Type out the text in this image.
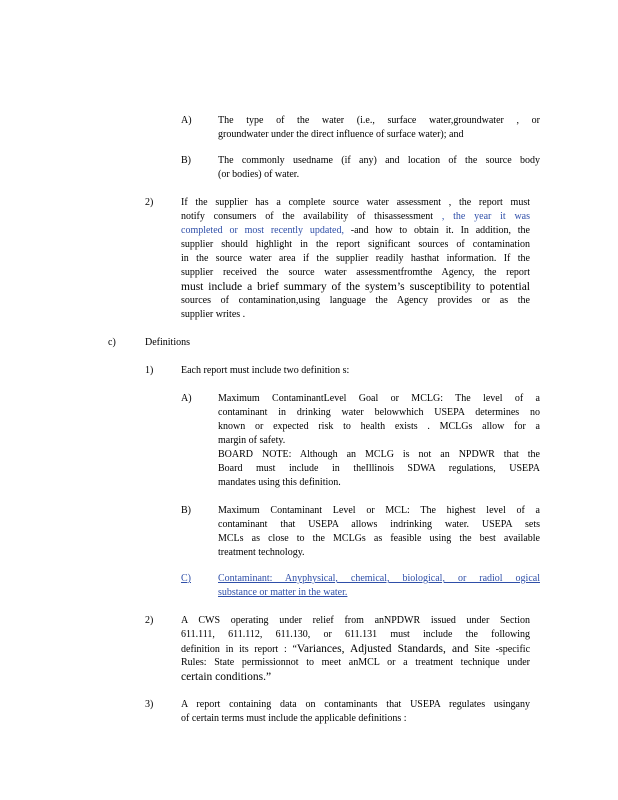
A)	The type of the water (i.e., surface water,groundwater , or
groundwater under the direct influence of surface water); and
B)	The commonly usedname (if any) and location of the source body
(or bodies) of water.
2)	If the supplier has a complete source water assessment , the report must
notify consumers of the availability of thisassessment , the year it was
completed or most recently updated, -and how to obtain it. In addition, the
supplier should highlight in the report significant sources of contamination
in the source water area if the supplier readily hasthat information. If the
supplier received the source water assessmentfromthe Agency, the report
must include a brief summary of the system’s susceptibility to potential
sources of contamination,using language the Agency provides or as the
supplier writes .
c)	Definitions
1)	Each report must include two definition s:
A)	Maximum ContaminantLevel Goal or MCLG: The level of a
contaminant in drinking water belowwhich USEPA determines no
known or expected risk to health exists . MCLGs allow for a
margin of safety.
BOARD NOTE: Although an MCLG is not an NPDWR that the
Board must include in theIllinois SDWA regulations, USEPA
mandates using this definition.
B)	Maximum Contaminant Level or MCL: The highest level of a
contaminant that USEPA allows indrinking water. USEPA sets
MCLs as close to the MCLGs as feasible using the best available
treatment technology.
C)	Contaminant: Anyphysical, chemical, biological, or radiol ogical
substance or matter in the water.
2)	A CWS operating under relief from anNPDWR issued under Section
611.111, 611.112, 611.130, or 611.131 must include the following
definition in its report : “Variances, Adjusted Standards, and Site -specific
Rules: State permissionnot to meet anMCL or a treatment technique under
certain conditions.”
3)	A report containing data on contaminants that USEPA regulates usingany
of certain terms must include the applicable definitions :
